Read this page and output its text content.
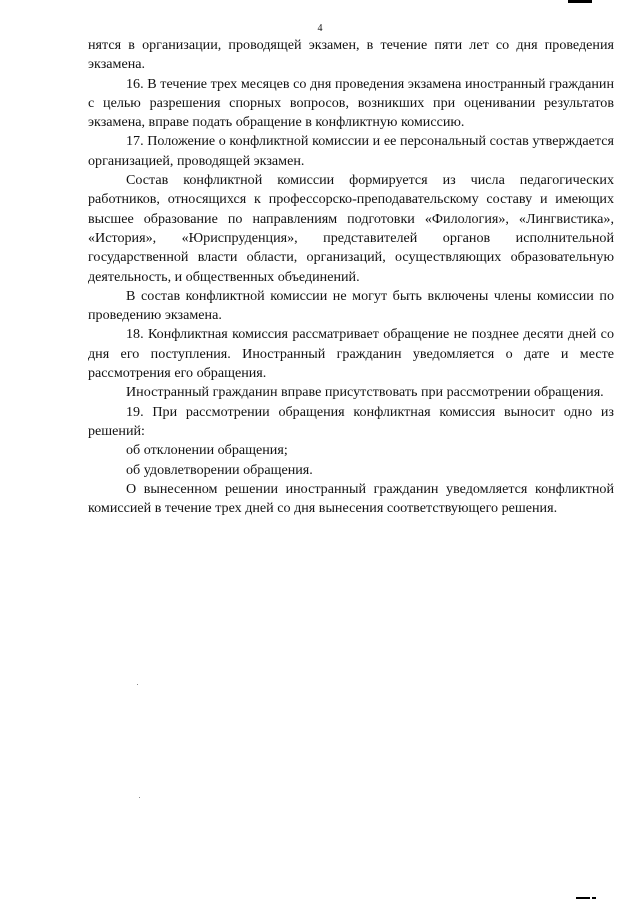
4

нятся в организации, проводящей экзамен, в течение пяти лет со дня проведения экзамена.

16. В течение трех месяцев со дня проведения экзамена иностранный гражданин с целью разрешения спорных вопросов, возникших при оценивании результатов экзамена, вправе подать обращение в конфликтную комиссию.

17. Положение о конфликтной комиссии и ее персональный состав утверждается организацией, проводящей экзамен.

Состав конфликтной комиссии формируется из числа педагогических работников, относящихся к профессорско-преподавательскому составу и имеющих высшее образование по направлениям подготовки «Филология», «Лингвистика», «История», «Юриспруденция», представителей органов исполнительной государственной власти области, организаций, осуществляющих образовательную деятельность, и общественных объединений.

В состав конфликтной комиссии не могут быть включены члены комиссии по проведению экзамена.

18. Конфликтная комиссия рассматривает обращение не позднее десяти дней со дня его поступления. Иностранный гражданин уведомляется о дате и месте рассмотрения его обращения.

Иностранный гражданин вправе присутствовать при рассмотрении обращения.

19. При рассмотрении обращения конфликтная комиссия выносит одно из решений:

об отклонении обращения;

об удовлетворении обращения.

О вынесенном решении иностранный гражданин уведомляется конфликтной комиссией в течение трех дней со дня вынесения соответствующего решения.
